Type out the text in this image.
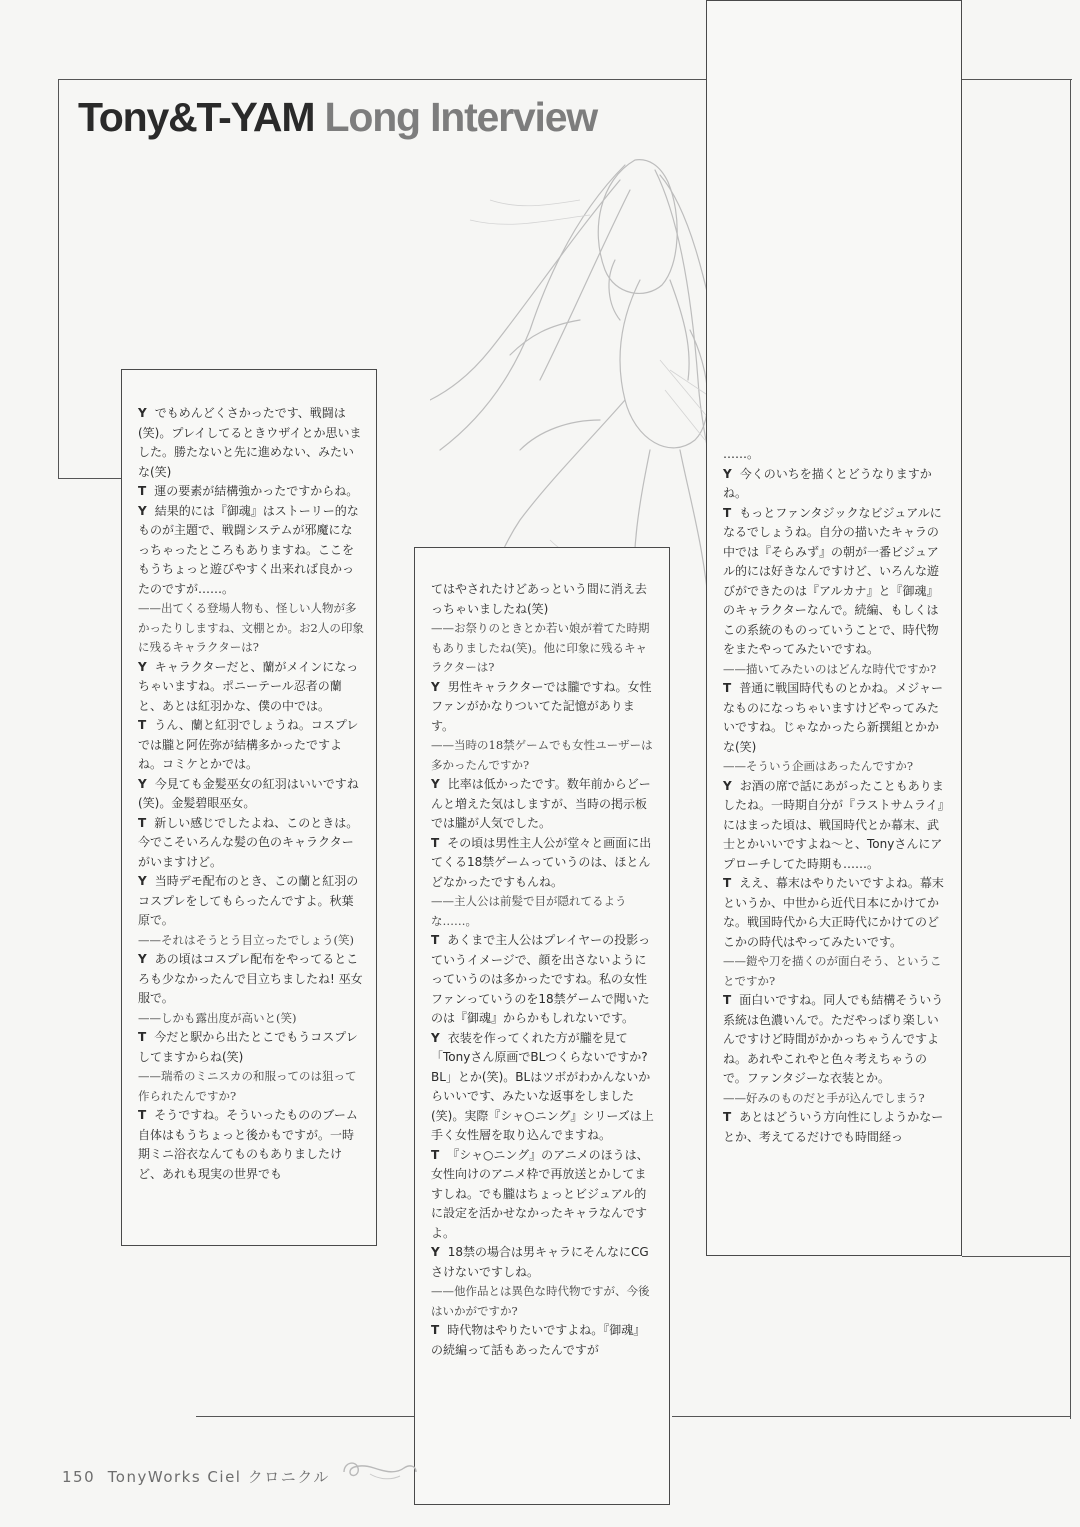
Tony&T-YAM Long Interview

Y でもめんどくさかったです、戦闘は(笑)。プレイしてるときウザイとか思いました。勝たないと先に進めない、みたいな(笑)

T 運の要素が結構強かったですからね。

Y 結果的には『御魂』はストーリー的なものが主題で、戦闘システムが邪魔になっちゃったところもありますね。ここをもうちょっと遊びやすく出来れば良かったのですが……。

——出てくる登場人物も、怪しい人物が多かったりしますね、文棚とか。お2人の印象に残るキャラクターは?

Y キャラクターだと、蘭がメインになっちゃいますね。ポニーテール忍者の蘭と、あとは紅羽かな、僕の中では。

T うん、蘭と紅羽でしょうね。コスプレでは朧と阿佐弥が結構多かったですよね。コミケとかでは。

Y 今見ても金髪巫女の紅羽はいいですね(笑)。金髪碧眼巫女。

T 新しい感じでしたよね、このときは。今でこそいろんな髪の色のキャラクターがいますけど。

Y 当時デモ配布のとき、この蘭と紅羽のコスプレをしてもらったんですよ。秋葉原で。

——それはそうとう目立ったでしょう(笑)

Y あの頃はコスプレ配布をやってるところも少なかったんで目立ちましたね! 巫女服で。

——しかも露出度が高いと(笑)

T 今だと駅から出たとこでもうコスプレしてますからね(笑)

——瑞希のミニスカの和服ってのは狙って作られたんですか?

T そうですね。そういったもののブーム自体はもうちょっと後かもですが。一時期ミニ浴衣なんてものもありましたけど、あれも現実の世界でも

てはやされたけどあっという間に消え去っちゃいましたね(笑)

——お祭りのときとか若い娘が着てた時期もありましたね(笑)。他に印象に残るキャラクターは?

Y 男性キャラクターでは朧ですね。女性ファンがかなりついてた記憶があります。

——当時の18禁ゲームでも女性ユーザーは多かったんですか?

Y 比率は低かったです。数年前からどーんと増えた気はしますが、当時の掲示板では朧が人気でした。

T その頃は男性主人公が堂々と画面に出てくる18禁ゲームっていうのは、ほとんどなかったですもんね。

——主人公は前髪で目が隠れてるような……。

T あくまで主人公はプレイヤーの投影っていうイメージで、顔を出さないようにっていうのは多かったですね。私の女性ファンっていうのを18禁ゲームで聞いたのは『御魂』からかもしれないです。

Y 衣装を作ってくれた方が朧を見て「Tonyさん原画でBLつくらないですか? BL」とか(笑)。BLはツボがわかんないからいいです、みたいな返事をしました(笑)。実際『シャ○ニング』シリーズは上手く女性層を取り込んでますね。

T 『シャ○ニング』のアニメのほうは、女性向けのアニメ枠で再放送とかしてますしね。でも朧はちょっとビジュアル的に設定を活かせなかったキャラなんですよ。

Y 18禁の場合は男キャラにそんなにCGさけないですしね。

——他作品とは異色な時代物ですが、今後はいかがですか?

T 時代物はやりたいですよね。『御魂』の続編って話もあったんですが

……。

Y 今くのいちを描くとどうなりますかね。

T もっとファンタジックなビジュアルになるでしょうね。自分の描いたキャラの中では『そらみず』の朝が一番ビジュアル的には好きなんですけど、いろんな遊びができたのは『アルカナ』と『御魂』のキャラクターなんで。続編、もしくはこの系統のものっていうことで、時代物をまたやってみたいですね。

——描いてみたいのはどんな時代ですか?

T 普通に戦国時代ものとかね。メジャーなものになっちゃいますけどやってみたいですね。じゃなかったら新撰組とかかな(笑)

——そういう企画はあったんですか?

Y お酒の席で話にあがったこともありましたね。一時期自分が『ラストサムライ』にはまった頃は、戦国時代とか幕末、武士とかいいですよね～と、Tonyさんにアプローチしてた時期も……。

T ええ、幕末はやりたいですよね。幕末というか、中世から近代日本にかけてかな。戦国時代から大正時代にかけてのどこかの時代はやってみたいです。

——鎧や刀を描くのが面白そう、ということですか?

T 面白いですね。同人でも結構そういう系統は色濃いんで。ただやっぱり楽しいんですけど時間がかかっちゃうんですよね。あれやこれやと色々考えちゃうので。ファンタジーな衣装とか。

——好みのものだと手が込んでしまう?

T あとはどういう方向性にしようかなーとか、考えてるだけでも時間経っ

150 TonyWorks Ciel クロニクル
